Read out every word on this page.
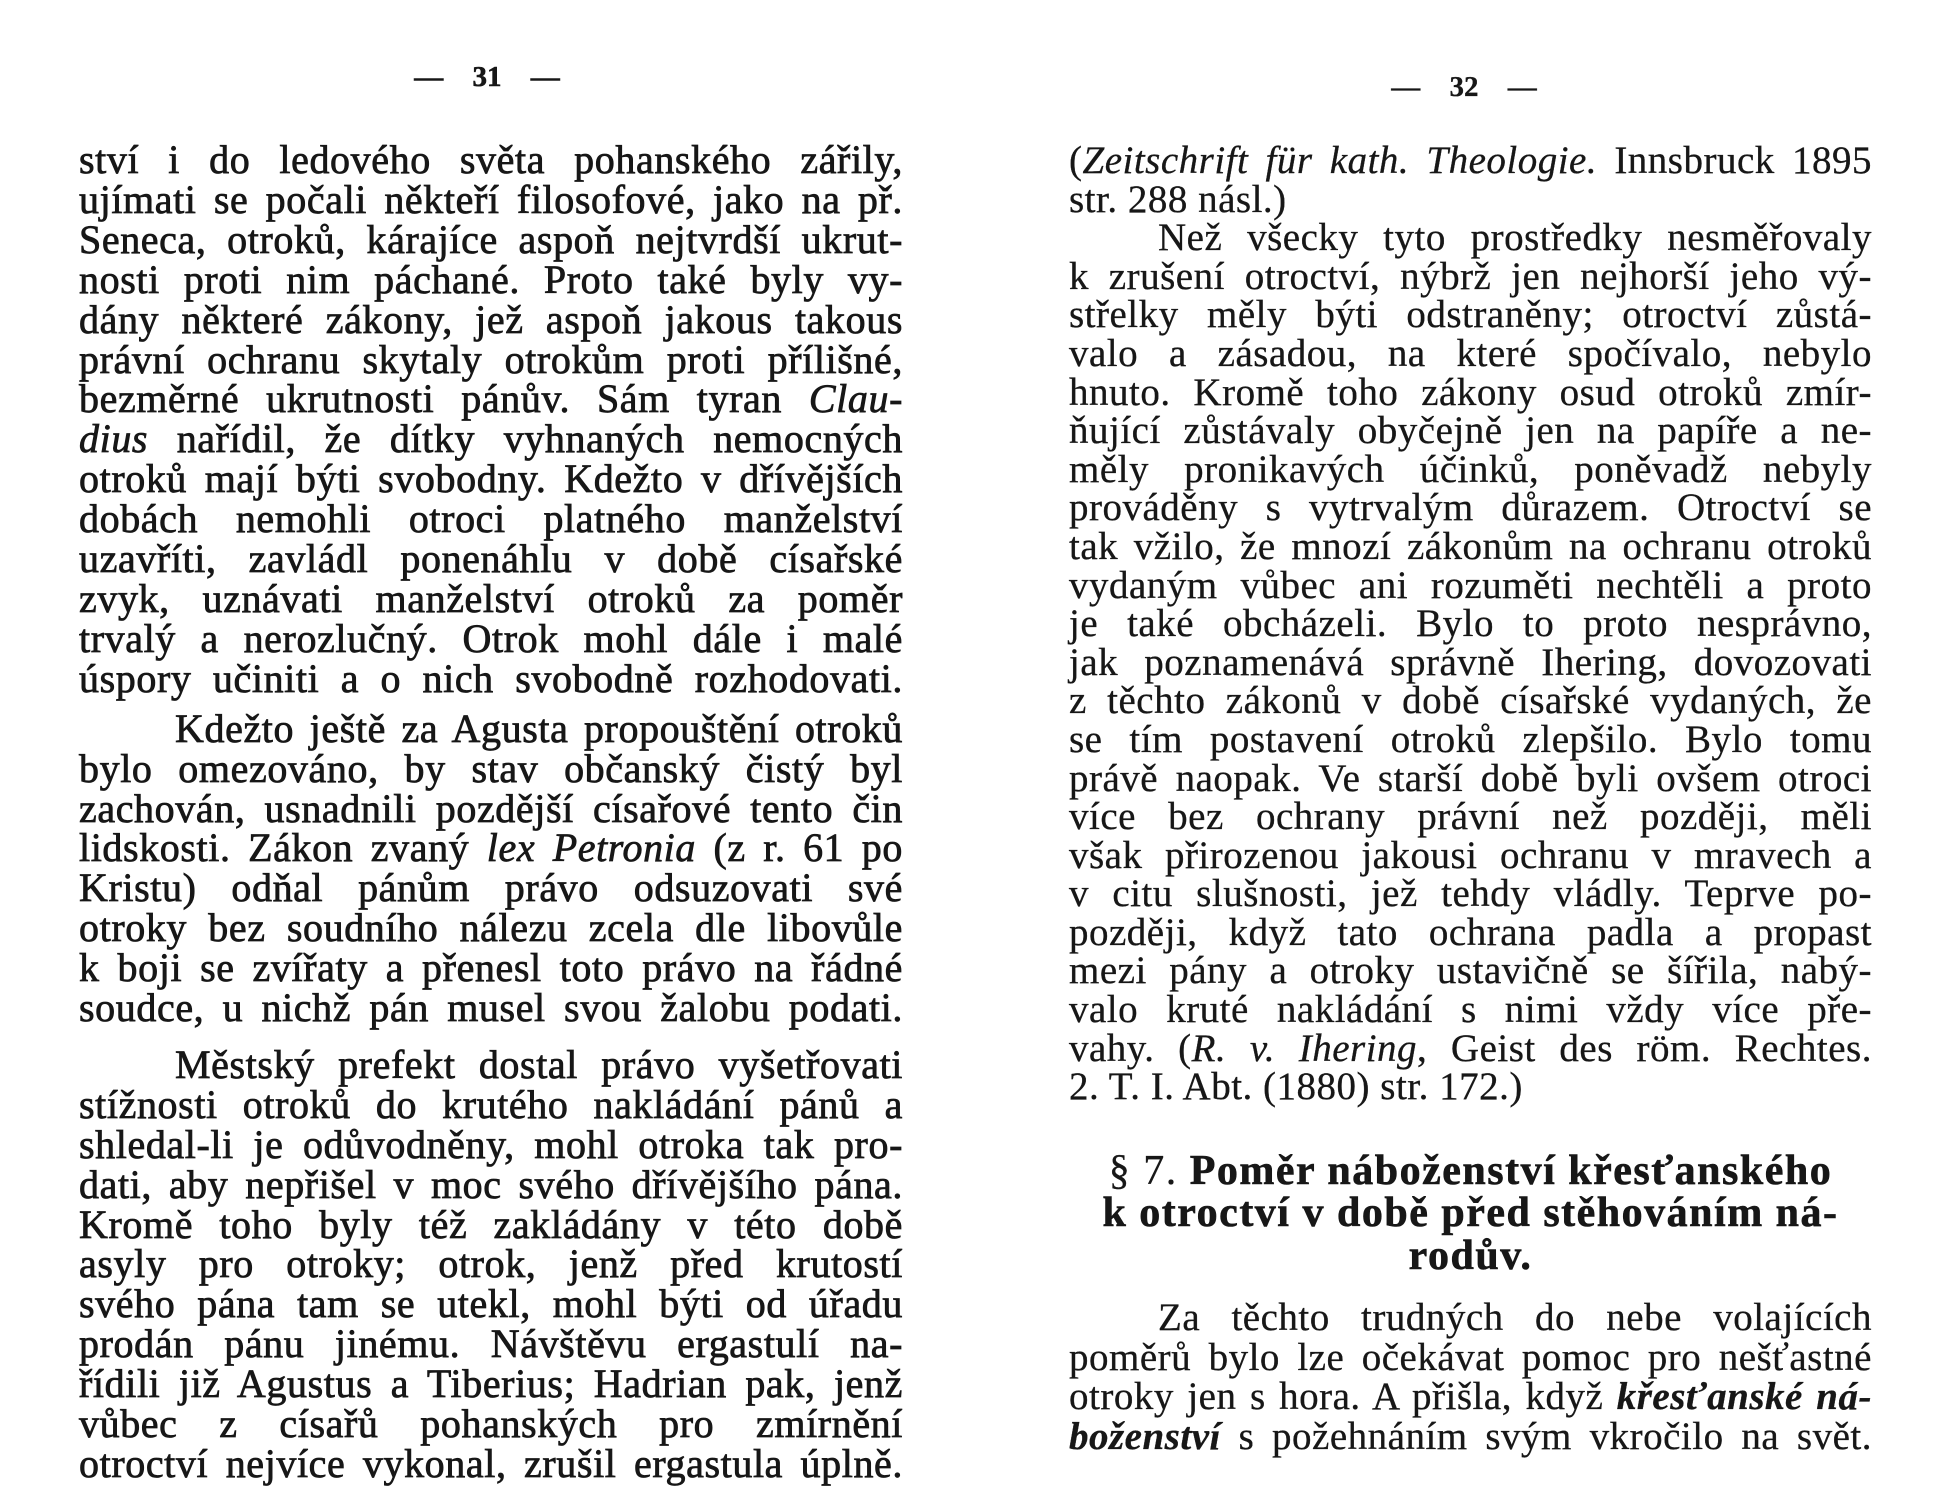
— 31 —
ství i do ledového světa pohanského zářily,
ujímati se počali někteří filosofové, jako na př.
Seneca, otroků, kárajíce aspoň nejtvrdší ukrut-
nosti proti nim páchané. Proto také byly vy-
dány některé zákony, jež aspoň jakous takous
právní ochranu skytaly otrokům proti přílišné,
bezměrné ukrutnosti pánův. Sám tyran Clau-
dius nařídil, že dítky vyhnaných nemocných
otroků mají býti svobodny. Kdežto v dřívějších
dobách nemohli otroci platného manželství
uzavříti, zavládl ponenáhlu v době císařské
zvyk, uznávati manželství otroků za poměr
trvalý a nerozlučný. Otrok mohl dále i malé
úspory učiniti a o nich svobodně rozhodovati.
Kdežto ještě za Agusta propouštění otroků
bylo omezováno, by stav občanský čistý byl
zachován, usnadnili pozdější císařové tento čin
lidskosti. Zákon zvaný lex Petronia (z r. 61 po
Kristu) odňal pánům právo odsuzovati své
otroky bez soudního nálezu zcela dle libovůle
k boji se zvířaty a přenesl toto právo na řádné
soudce, u nichž pán musel svou žalobu podati.
Městský prefekt dostal právo vyšetřovati
stížnosti otroků do krutého nakládání pánů a
shledal-li je odůvodněny, mohl otroka tak pro-
dati, aby nepřišel v moc svého dřívějšího pána.
Kromě toho byly též zakládány v této době
asyly pro otroky; otrok, jenž před krutostí
svého pána tam se utekl, mohl býti od úřadu
prodán pánu jinému. Návštěvu ergastulí na-
řídili již Agustus a Tiberius; Hadrian pak, jenž
vůbec z císařů pohanských pro zmírnění
otroctví nejvíce vykonal, zrušil ergastula úplně.
— 32 —
(Zeitschrift für kath. Theologie. Innsbruck 1895
str. 288 násl.)
Než všecky tyto prostředky nesměřovaly
k zrušení otroctví, nýbrž jen nejhorší jeho vý-
střelky měly býti odstraněny; otroctví zůstá-
valo a zásadou, na které spočívalo, nebylo
hnuto. Kromě toho zákony osud otroků zmír-
ňující zůstávaly obyčejně jen na papíře a ne-
měly pronikavých účinků, poněvadž nebyly
prováděny s vytrvalým důrazem. Otroctví se
tak vžilo, že mnozí zákonům na ochranu otroků
vydaným vůbec ani rozuměti nechtěli a proto
je také obcházeli. Bylo to proto nesprávno,
jak poznamenává správně Ihering, dovozovati
z těchto zákonů v době císařské vydaných, že
se tím postavení otroků zlepšilo. Bylo tomu
právě naopak. Ve starší době byli ovšem otroci
více bez ochrany právní než později, měli
však přirozenou jakousi ochranu v mravech a
v citu slušnosti, jež tehdy vládly. Teprve po-
později, když tato ochrana padla a propast
mezi pány a otroky ustavičně se šířila, nabý-
valo kruté nakládání s nimi vždy více pře-
vahy. (R. v. Ihering, Geist des röm. Rechtes.
2. T. I. Abt. (1880) str. 172.)
§ 7. Poměr náboženství křesťanského
k otroctví v době před stěhováním ná-
rodův.
Za těchto trudných do nebe volajících
poměrů bylo lze očekávat pomoc pro nešťastné
otroky jen s hora. A přišla, když křesťanské ná-
boženství s požehnáním svým vkročilo na svět.
